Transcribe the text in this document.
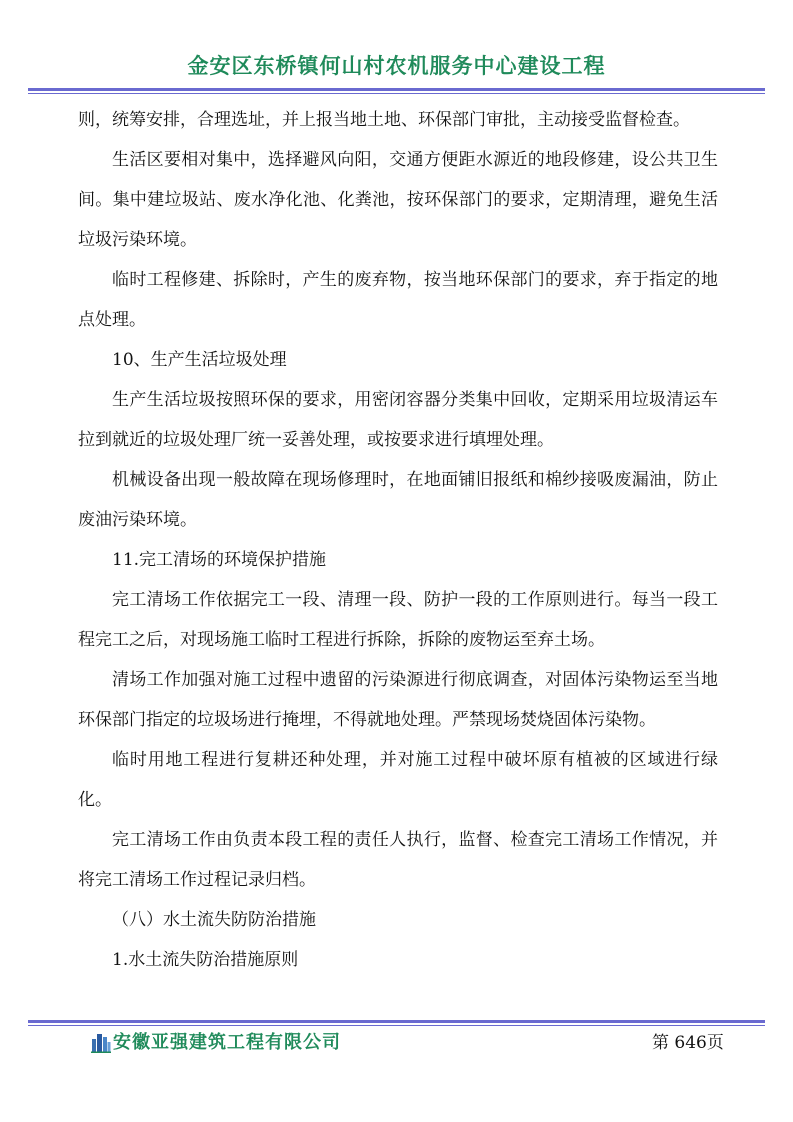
金安区东桥镇何山村农机服务中心建设工程

则，统筹安排，合理选址，并上报当地土地、环保部门审批，主动接受监督检查。

生活区要相对集中，选择避风向阳，交通方便距水源近的地段修建，设公共卫生间。集中建垃圾站、废水净化池、化粪池，按环保部门的要求，定期清理，避免生活垃圾污染环境。

临时工程修建、拆除时，产生的废弃物，按当地环保部门的要求，弃于指定的地点处理。

10、生产生活垃圾处理

生产生活垃圾按照环保的要求，用密闭容器分类集中回收，定期采用垃圾清运车拉到就近的垃圾处理厂统一妥善处理，或按要求进行填埋处理。

机械设备出现一般故障在现场修理时，在地面铺旧报纸和棉纱接吸废漏油，防止废油污染环境。

11.完工清场的环境保护措施

完工清场工作依据完工一段、清理一段、防护一段的工作原则进行。每当一段工程完工之后，对现场施工临时工程进行拆除，拆除的废物运至弃土场。

清场工作加强对施工过程中遗留的污染源进行彻底调查，对固体污染物运至当地环保部门指定的垃圾场进行掩埋，不得就地处理。严禁现场焚烧固体污染物。

临时用地工程进行复耕还种处理，并对施工过程中破坏原有植被的区域进行绿化。

完工清场工作由负责本段工程的责任人执行，监督、检查完工清场工作情况，并将完工清场工作过程记录归档。

（八）水土流失防防治措施

1.水土流失防治措施原则

安徽亚强建筑工程有限公司	第 646页
